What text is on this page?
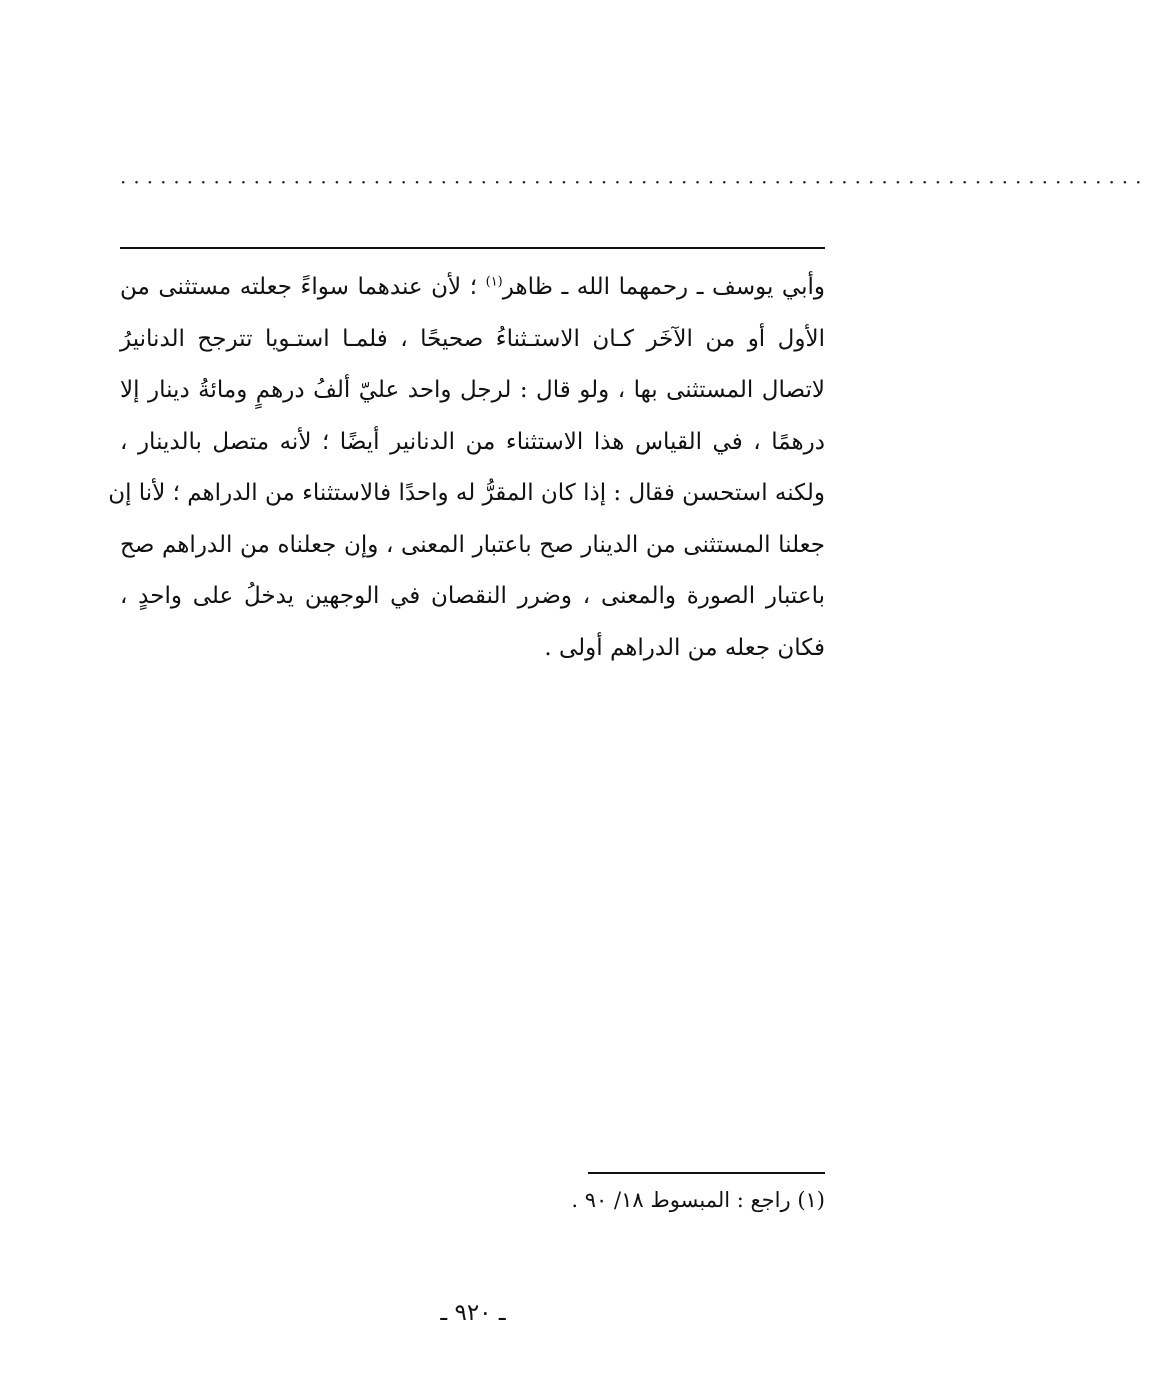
·············································································
وأبي يوسف ـ رحمهما الله ـ ظاهر$^{(١)}$ ؛ لأن عندهما سواءً جعلته مستثنى من
الأول أو من الآخَر كـان الاستـثناءُ صحيحًا ، فلمـا استـويا تترجح الدنانيرُ
لاتصال المستثنى بها ، ولو قال : لرجل واحد عليّ ألفُ درهمٍ ومائةُ دينار إلا
درهمًا ، في القياس هذا الاستثناء من الدنانير أيضًا ؛ لأنه متصل بالدينار ،
ولكنه استحسن فقال : إذا كان المقرُّ له واحدًا فالاستثناء من الدراهم ؛ لأنا إن
جعلنا المستثنى من الدينار صح باعتبار المعنى ، وإن جعلناه من الدراهم صح
باعتبار الصورة والمعنى ، وضرر النقصان في الوجهين يدخلُ على واحدٍ ،
فكان جعله من الدراهم أولى .
(١) راجع : المبسوط ١٨/ ٩٠ .
ـ ٩٢٠ ـ
